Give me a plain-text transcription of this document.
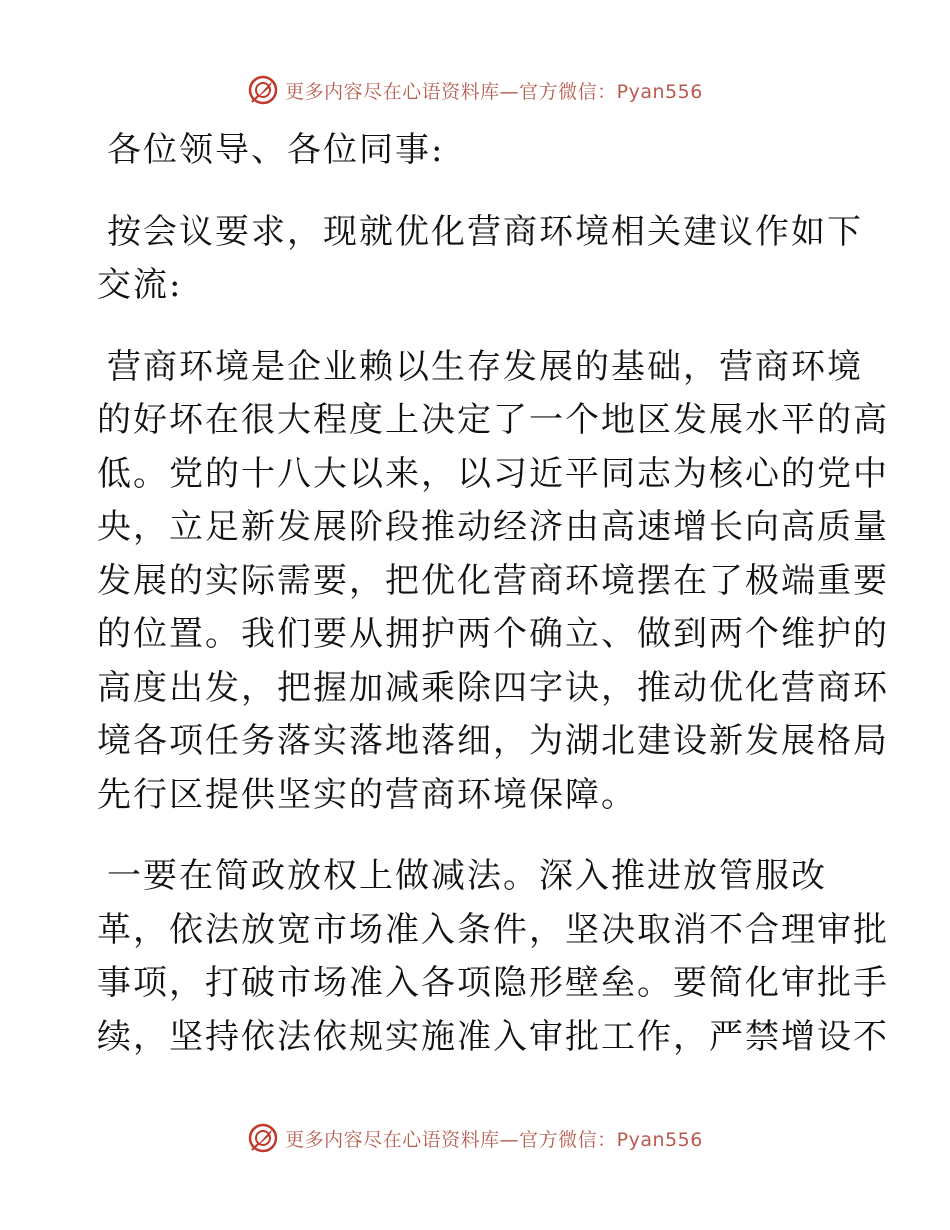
更多内容尽在心语资料库—官方微信：Pyan556

各位领导、各位同事:

按会议要求，现就优化营商环境相关建议作如下
交流:

营商环境是企业赖以生存发展的基础，营商环境
的好坏在很大程度上决定了一个地区发展水平的高
低。党的十八大以来，以习近平同志为核心的党中
央，立足新发展阶段推动经济由高速增长向高质量
发展的实际需要，把优化营商环境摆在了极端重要
的位置。我们要从拥护两个确立、做到两个维护的
高度出发，把握加减乘除四字诀，推动优化营商环
境各项任务落实落地落细，为湖北建设新发展格局
先行区提供坚实的营商环境保障。

一要在简政放权上做减法。深入推进放管服改
革，依法放宽市场准入条件，坚决取消不合理审批
事项，打破市场准入各项隐形壁垒。要简化审批手
续，坚持依法依规实施准入审批工作，严禁增设不

更多内容尽在心语资料库—官方微信：Pyan556
